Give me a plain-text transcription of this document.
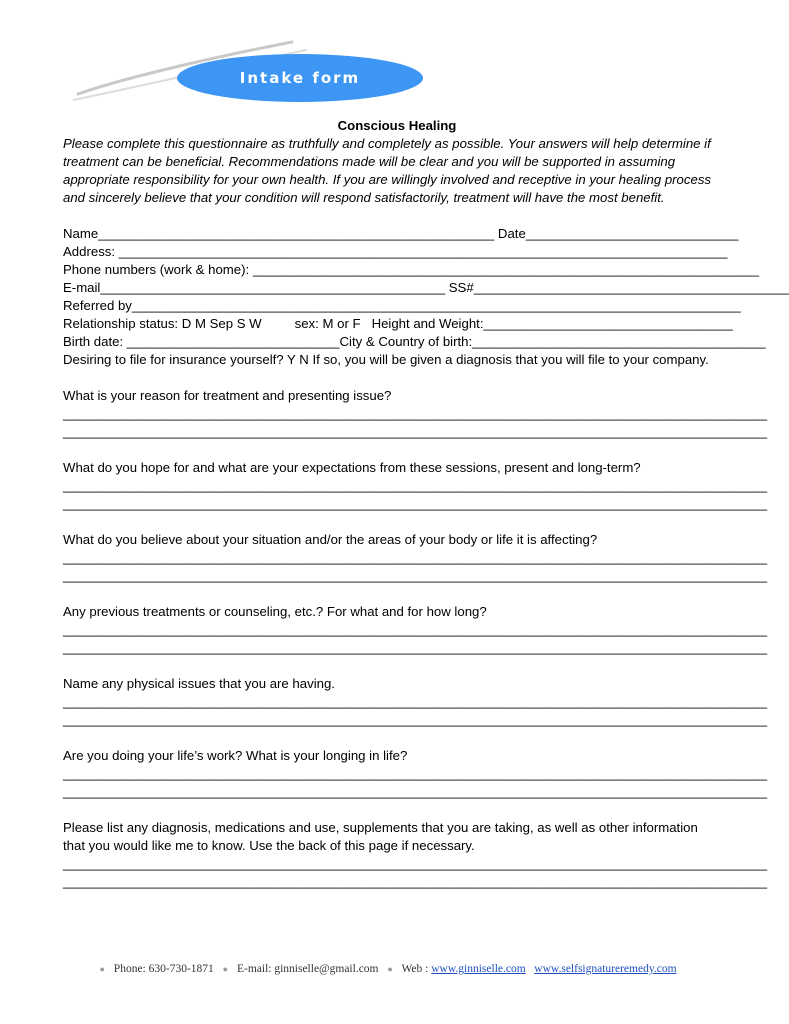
Intake form
Conscious Healing

Please complete this questionnaire as truthfully and completely as possible. Your answers will help determine if treatment can be beneficial. Recommendations made will be clear and you will be supported in assuming appropriate responsibility for your own health. If you are willingly involved and receptive in your healing process and sincerely believe that your condition will respond satisfactorily, treatment will have the most benefit.

Name______________________________________________________ Date_____________________________
Address: ___________________________________________________________________________________
Phone numbers (work & home): _____________________________________________________________________
E-mail_______________________________________________ SS#___________________________________________
Referred by___________________________________________________________________________________
Relationship status: D M Sep S W sex: M or F Height and Weight:__________________________________
Birth date: _____________________________City & Country of birth:________________________________________
Desiring to file for insurance yourself? Y N If so, you will be given a diagnosis that you will file to your company.
What is your reason for treatment and presenting issue?
________________________________________________________________________________________________
________________________________________________________________________________________________
What do you hope for and what are your expectations from these sessions, present and long-term?
________________________________________________________________________________________________
________________________________________________________________________________________________
What do you believe about your situation and/or the areas of your body or life it is affecting?
________________________________________________________________________________________________
________________________________________________________________________________________________
Any previous treatments or counseling, etc.? For what and for how long?
________________________________________________________________________________________________
________________________________________________________________________________________________
Name any physical issues that you are having.
________________________________________________________________________________________________
________________________________________________________________________________________________
Are you doing your life’s work? What is your longing in life?
________________________________________________________________________________________________
________________________________________________________________________________________________
Please list any diagnosis, medications and use, supplements that you are taking, as well as other information that you would like me to know. Use the back of this page if necessary.
________________________________________________________________________________________________
________________________________________________________________________________________________
● Phone: 630-730-1871 ● E-mail: ginniselle@gmail.com ● Web : www.ginniselle.com www.selfsignatureremedy.com
